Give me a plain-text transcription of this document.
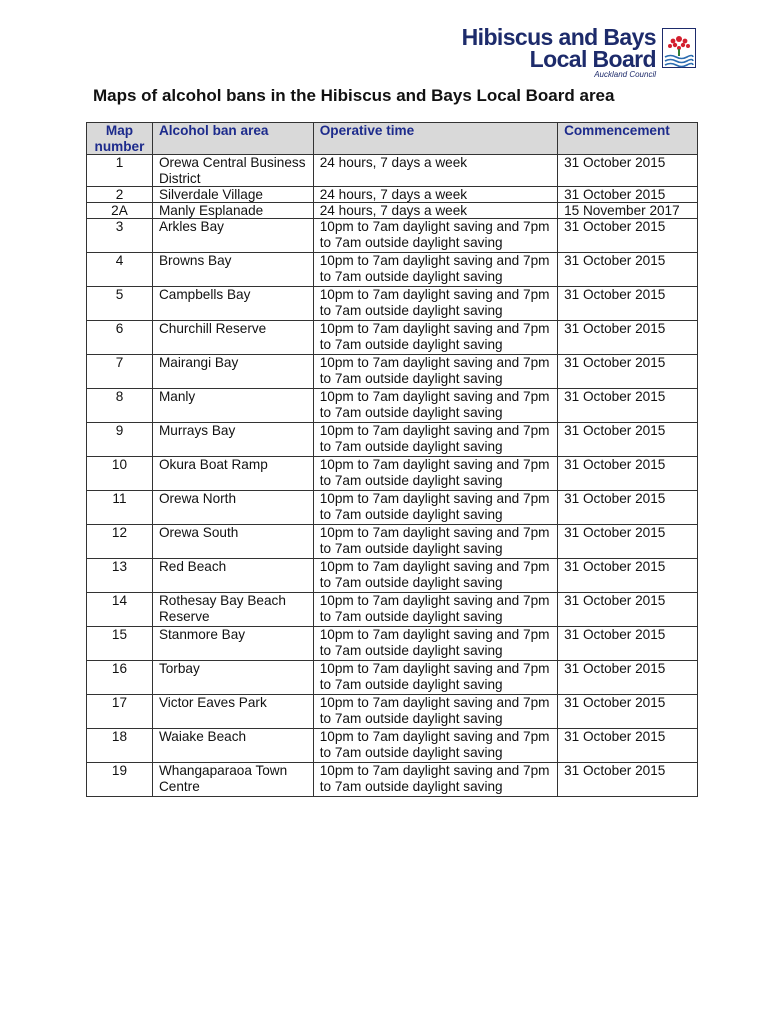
Hibiscus and Bays
Local Board
Auckland Council
Maps of alcohol bans in the Hibiscus and Bays Local Board area
Map number	Alcohol ban area	Operative time	Commencement
1	Orewa Central Business District	24 hours, 7 days a week	31 October 2015
2	Silverdale Village	24 hours, 7 days a week	31 October 2015
2A	Manly Esplanade	24 hours, 7 days a week	15 November 2017
3	Arkles Bay	10pm to 7am daylight saving and 7pm to 7am outside daylight saving	31 October 2015
4	Browns Bay	10pm to 7am daylight saving and 7pm to 7am outside daylight saving	31 October 2015
5	Campbells Bay	10pm to 7am daylight saving and 7pm to 7am outside daylight saving	31 October 2015
6	Churchill Reserve	10pm to 7am daylight saving and 7pm to 7am outside daylight saving	31 October 2015
7	Mairangi Bay	10pm to 7am daylight saving and 7pm to 7am outside daylight saving	31 October 2015
8	Manly	10pm to 7am daylight saving and 7pm to 7am outside daylight saving	31 October 2015
9	Murrays Bay	10pm to 7am daylight saving and 7pm to 7am outside daylight saving	31 October 2015
10	Okura Boat Ramp	10pm to 7am daylight saving and 7pm to 7am outside daylight saving	31 October 2015
11	Orewa North	10pm to 7am daylight saving and 7pm to 7am outside daylight saving	31 October 2015
12	Orewa South	10pm to 7am daylight saving and 7pm to 7am outside daylight saving	31 October 2015
13	Red Beach	10pm to 7am daylight saving and 7pm to 7am outside daylight saving	31 October 2015
14	Rothesay Bay Beach Reserve	10pm to 7am daylight saving and 7pm to 7am outside daylight saving	31 October 2015
15	Stanmore Bay	10pm to 7am daylight saving and 7pm to 7am outside daylight saving	31 October 2015
16	Torbay	10pm to 7am daylight saving and 7pm to 7am outside daylight saving	31 October 2015
17	Victor Eaves Park	10pm to 7am daylight saving and 7pm to 7am outside daylight saving	31 October 2015
18	Waiake Beach	10pm to 7am daylight saving and 7pm to 7am outside daylight saving	31 October 2015
19	Whangaparaoa Town Centre	10pm to 7am daylight saving and 7pm to 7am outside daylight saving	31 October 2015
